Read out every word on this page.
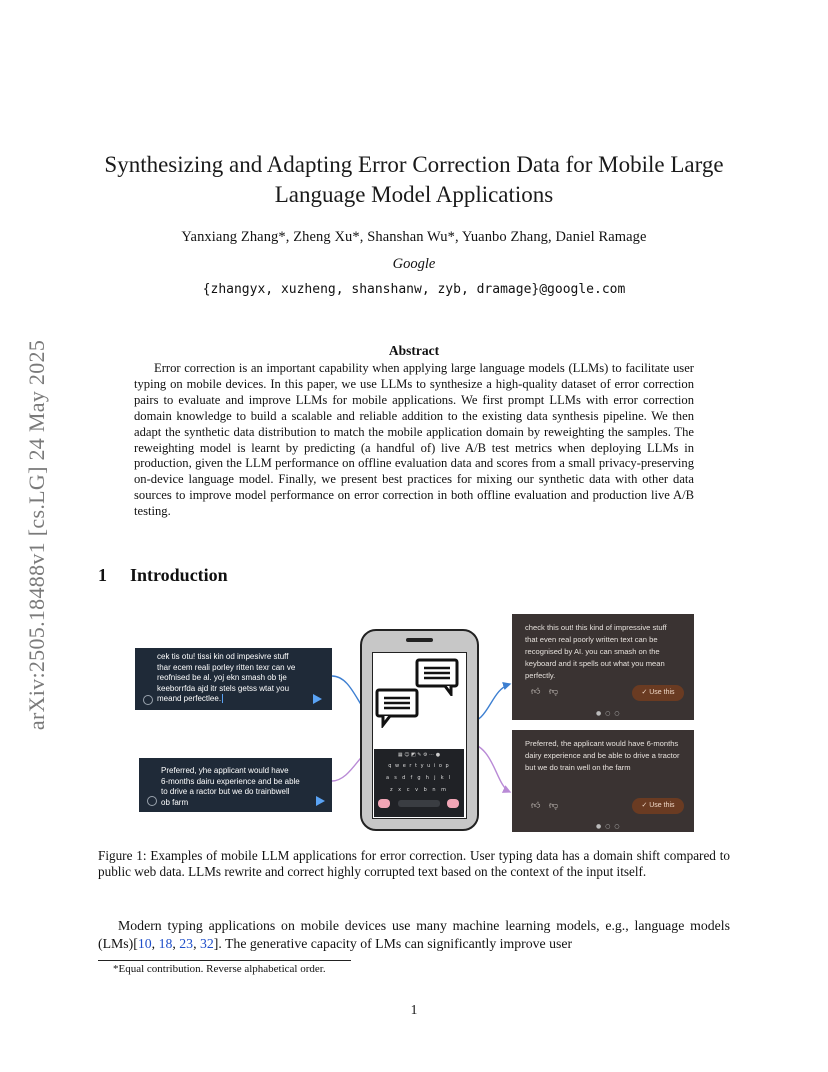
arXiv:2505.18488v1 [cs.LG] 24 May 2025
Synthesizing and Adapting Error Correction Data for Mobile Large
Language Model Applications
Yanxiang Zhang*, Zheng Xu*, Shanshan Wu*, Yuanbo Zhang, Daniel Ramage
Google
{zhangyx, xuzheng, shanshanw, zyb, dramage}@google.com
Abstract
Error correction is an important capability when applying large language models (LLMs) to facilitate user typing on mobile devices. In this paper, we use LLMs to synthesize a high-quality dataset of error correction pairs to evaluate and improve LLMs for mobile applications. We first prompt LLMs with error correction domain knowledge to build a scalable and reliable addition to the existing data synthesis pipeline. We then adapt the synthetic data distribution to match the mobile application domain by reweighting the samples. The reweighting model is learnt by predicting (a handful of) live A/B test metrics when deploying LLMs in production, given the LLM performance on offline evaluation data and scores from a small privacy-preserving on-device language model. Finally, we present best practices for mixing our synthetic data with other data sources to improve model performance on error correction in both offline evaluation and production live A/B testing.
1 Introduction
cek tis otu! tissi kin od impesivre stuff
thar ecem reali porley ritten texr can ve
reofnised be al. yoj ekn smash ob tje
keeborrfda ajd itr stels getss wtat you
meand perfectlee.
Preferred, yhe applicant would have
6-months dairu experience and be able
to drive a ractor but we do trainbwell
ob farm
▦ ☺ ◩ ✎ ⚙ ⋯ ●
q w e r t y u i o p
a s d f g h j k l
z x c v b n m
check this out! this kind of impressive stuff
that even real poorly written text can be
recognised by AI. you can smash on the
keyboard and it spells out what you mean
perfectly.
👍︎ 👎︎	✓ Use this
● ○ ○
Preferred, the applicant would have 6-months
dairy experience and be able to drive a tractor
but we do train well on the farm
👍︎ 👎︎	✓ Use this
● ○ ○
Figure 1: Examples of mobile LLM applications for error correction. User typing data has a domain shift compared to public web data. LLMs rewrite and correct highly corrupted text based on the context of the input itself.
Modern typing applications on mobile devices use many machine learning models, e.g., language models (LMs)[10, 18, 23, 32]. The generative capacity of LMs can significantly improve user
*Equal contribution. Reverse alphabetical order.
1
